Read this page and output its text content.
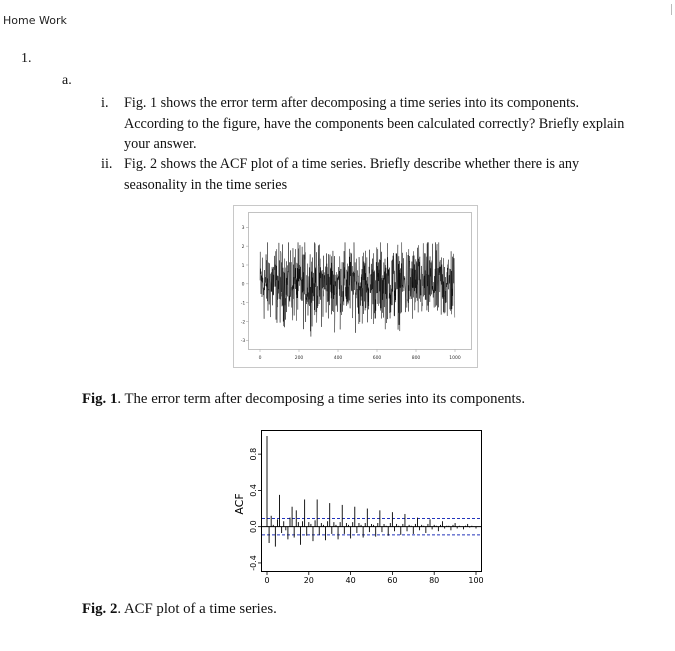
Home Work
1.
a.
i.	Fig. 1 shows the error term after decomposing a time series into its components. According to the figure, have the components been calculated correctly? Briefly explain your answer.
ii. Fig. 2 shows the ACF plot of a time series. Briefly describe whether there is any seasonality in the time series
3
2
1
0
-1
-2
-3
0	200	400	600	800	1000
Fig. 1. The error term after decomposing a time series into its components.
ACF
-0.4
0.0
0.4
0.8
0	20	40	60	80	100
Fig. 2. ACF plot of a time series.
